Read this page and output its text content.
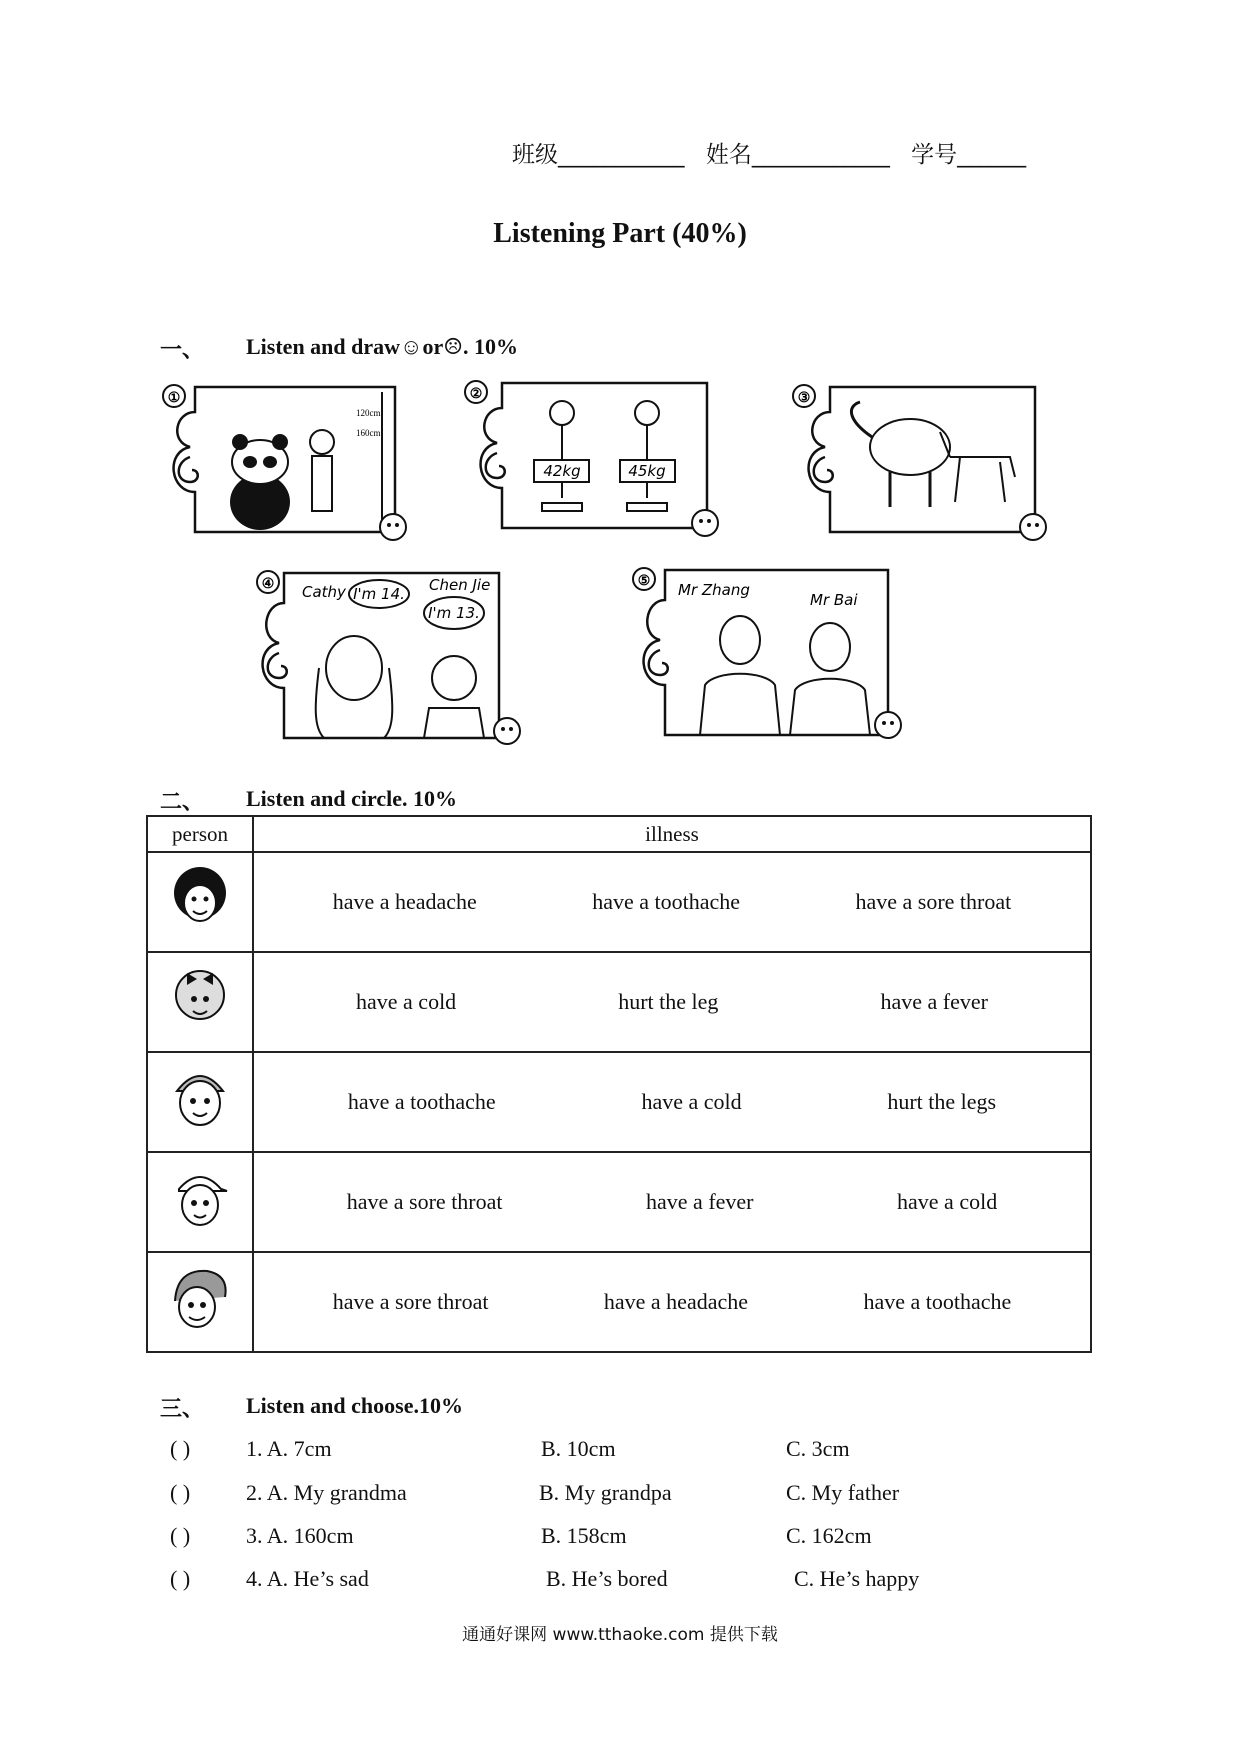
班级___________ 姓名____________ 学号______
Listening Part (40%)
一、 Listen and draw☺or☹. 10%
①
120cm
160cm
②
42kg	45kg
③
④ Cathy I'm 14. Chen Jie
I'm 13.
⑤ Mr Zhang
Mr Bai
二、 Listen and circle. 10%
person	illness

have a headache have a toothache have a sore throat

have a cold hurt the leg have a fever

have a toothache have a cold hurt the legs

have a sore throat have a fever have a cold

have a sore throat have a headache have a toothache
三、 Listen and choose.10%
( )	1. A. 7cm	B. 10cm	C. 3cm
( )	2. A. My grandma	B. My grandpa	C. My father
( )	3. A. 160cm	B. 158cm	C. 162cm
( )	4. A. He’s sad	B. He’s bored	C. He’s happy
通通好课网 www.tthaoke.com 提供下载
